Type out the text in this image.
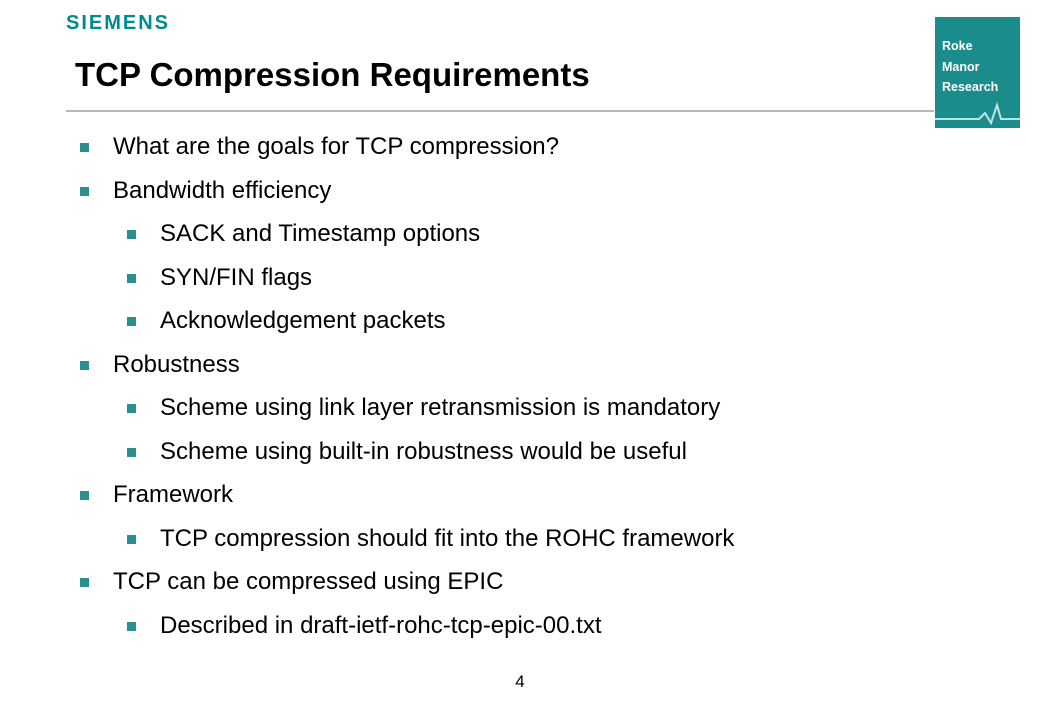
SIEMENS
TCP Compression Requirements
Roke
Manor
Research
What are the goals for TCP compression?
Bandwidth efficiency
SACK and Timestamp options
SYN/FIN flags
Acknowledgement packets
Robustness
Scheme using link layer retransmission is mandatory
Scheme using built-in robustness would be useful
Framework
TCP compression should fit into the ROHC framework
TCP can be compressed using EPIC
Described in draft-ietf-rohc-tcp-epic-00.txt
4
